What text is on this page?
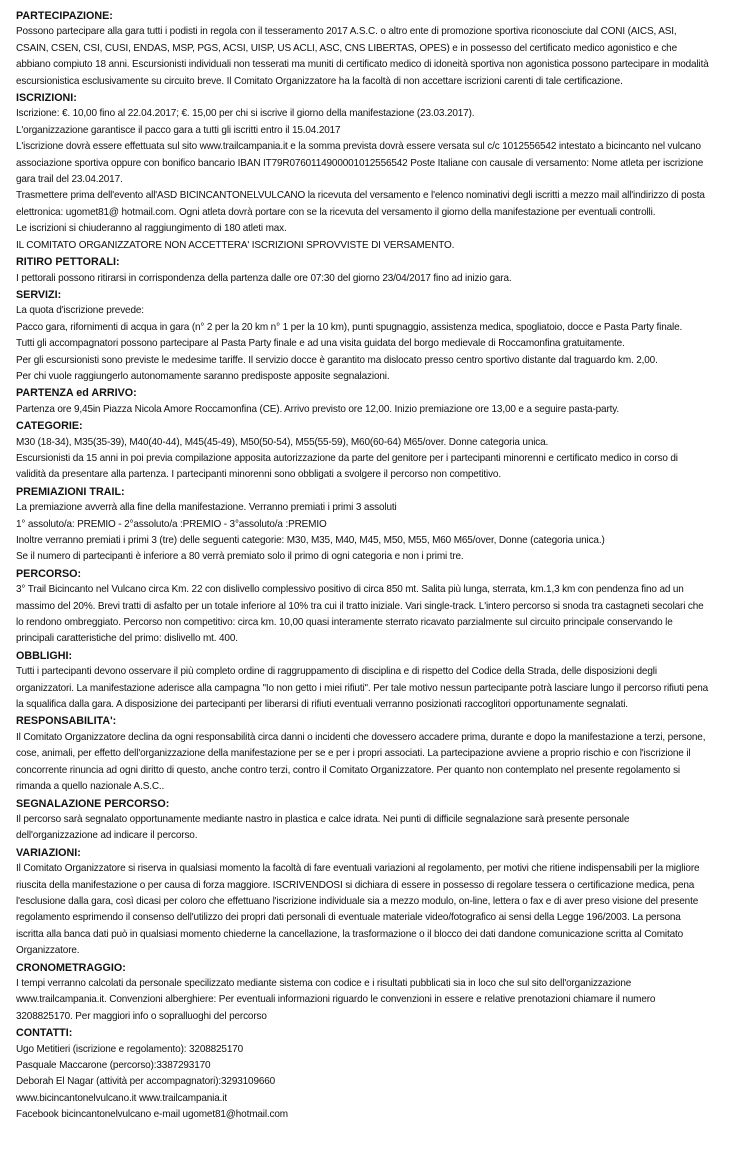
PARTECIPAZIONE:
Possono partecipare alla gara tutti i podisti in regola con il tesseramento 2017 A.S.C. o altro ente di promozione sportiva riconosciute dal CONI (AICS, ASI, CSAIN, CSEN, CSI, CUSI, ENDAS, MSP, PGS, ACSI, UISP, US ACLI, ASC, CNS LIBERTAS, OPES) e in possesso del certificato medico agonistico e che abbiano compiuto 18 anni. Escursionisti individuali non tesserati ma muniti di certificato medico di idoneità sportiva non agonistica possono partecipare in modalità escursionistica esclusivamente su circuito breve. Il Comitato Organizzatore ha la facoltà di non accettare iscrizioni carenti di tale certificazione.
ISCRIZIONI:
Iscrizione: €. 10,00 fino al 22.04.2017; €. 15,00 per chi si iscrive il giorno della manifestazione (23.03.2017).
L'organizzazione garantisce il pacco gara a tutti gli iscritti entro il 15.04.2017
L'iscrizione dovrà essere effettuata sul sito www.trailcampania.it e la somma prevista dovrà essere versata sul c/c 1012556542 intestato a bicincanto nel vulcano associazione sportiva oppure con bonifico bancario IBAN IT79R0760114900001012556542 Poste Italiane con causale di versamento: Nome atleta per iscrizione gara trail del 23.04.2017.
Trasmettere prima dell'evento all'ASD BICINCANTONELVULCANO la ricevuta del versamento e l'elenco nominativi degli iscritti a mezzo mail all'indirizzo di posta elettronica: ugomet81@ hotmail.com. Ogni atleta dovrà portare con se la ricevuta del versamento il giorno della manifestazione per eventuali controlli.
Le iscrizioni si chiuderanno al raggiungimento di 180 atleti max.
IL COMITATO ORGANIZZATORE NON ACCETTERA' ISCRIZIONI SPROVVISTE DI VERSAMENTO.
RITIRO PETTORALI:
I pettorali possono ritirarsi in corrispondenza della partenza dalle ore 07:30 del giorno 23/04/2017 fino ad inizio gara.
SERVIZI:
La quota d'iscrizione prevede:
Pacco gara, rifornimenti di acqua in gara (n° 2 per la 20 km n° 1 per la 10 km), punti spugnaggio, assistenza medica, spogliatoio, docce e Pasta Party finale.
Tutti gli accompagnatori possono partecipare al Pasta Party finale e ad una visita guidata del borgo medievale di Roccamonfina gratuitamente.
Per gli escursionisti sono previste le medesime tariffe. Il servizio docce è garantito ma dislocato presso centro sportivo distante dal traguardo km. 2,00.
Per chi vuole raggiungerlo autonomamente saranno predisposte apposite segnalazioni.
PARTENZA ed ARRIVO:
Partenza ore 9,45in Piazza Nicola Amore Roccamonfina (CE). Arrivo previsto ore 12,00. Inizio premiazione ore 13,00 e a seguire pasta-party.
CATEGORIE:
M30 (18-34), M35(35-39), M40(40-44), M45(45-49), M50(50-54), M55(55-59), M60(60-64) M65/over. Donne categoria unica.
Escursionisti da 15 anni in poi previa compilazione apposita autorizzazione da parte del genitore per i partecipanti minorenni e certificato medico in corso di validità da presentare alla partenza. I partecipanti minorenni sono obbligati a svolgere il percorso non competitivo.
PREMIAZIONI TRAIL:
La premiazione avverrà alla fine della manifestazione. Verranno premiati i primi 3 assoluti
1° assoluto/a: PREMIO - 2°assoluto/a :PREMIO - 3°assoluto/a :PREMIO
Inoltre verranno premiati i primi 3 (tre) delle seguenti categorie: M30, M35, M40, M45, M50, M55, M60 M65/over, Donne (categoria unica.)
Se il numero di partecipanti è inferiore a 80 verrà premiato solo il primo di ogni categoria e non i primi tre.
PERCORSO:
3° Trail Bicincanto nel Vulcano circa Km. 22 con dislivello complessivo positivo di circa 850 mt. Salita più lunga, sterrata, km.1,3 km con pendenza fino ad un massimo del 20%. Brevi tratti di asfalto per un totale inferiore al 10% tra cui il tratto iniziale. Vari single-track. L'intero percorso si snoda tra castagneti secolari che lo rendono ombreggiato. Percorso non competitivo: circa km. 10,00 quasi interamente sterrato ricavato parzialmente sul circuito principale conservando le principali caratteristiche del primo: dislivello mt. 400.
OBBLIGHI:
Tutti i partecipanti devono osservare il più completo ordine di raggruppamento di disciplina e di rispetto del Codice della Strada, delle disposizioni degli organizzatori. La manifestazione aderisce alla campagna "Io non getto i miei rifiuti". Per tale motivo nessun partecipante potrà lasciare lungo il percorso rifiuti pena la squalifica dalla gara. A disposizione dei partecipanti per liberarsi di rifiuti eventuali verranno posizionati raccoglitori opportunamente segnalati.
RESPONSABILITA':
Il Comitato Organizzatore declina da ogni responsabilità circa danni o incidenti che dovessero accadere prima, durante e dopo la manifestazione a terzi, persone, cose, animali, per effetto dell'organizzazione della manifestazione per se e per i propri associati. La partecipazione avviene a proprio rischio e con l'iscrizione il concorrente rinuncia ad ogni diritto di questo, anche contro terzi, contro il Comitato Organizzatore. Per quanto non contemplato nel presente regolamento si rimanda a quello nazionale A.S.C..
SEGNALAZIONE PERCORSO:
Il percorso sarà segnalato opportunamente mediante nastro in plastica e calce idrata. Nei punti di difficile segnalazione sarà presente personale dell'organizzazione ad indicare il percorso.
VARIAZIONI:
Il Comitato Organizzatore si riserva in qualsiasi momento la facoltà di fare eventuali variazioni al regolamento, per motivi che ritiene indispensabili per la migliore riuscita della manifestazione o per causa di forza maggiore. ISCRIVENDOSI si dichiara di essere in possesso di regolare tessera o certificazione medica, pena l'esclusione dalla gara, così dicasi per coloro che effettuano l'iscrizione individuale sia a mezzo modulo, on-line, lettera o fax e di aver preso visione del presente regolamento esprimendo il consenso dell'utilizzo dei propri dati personali di eventuale materiale video/fotografico ai sensi della Legge 196/2003. La persona iscritta alla banca dati può in qualsiasi momento chiederne la cancellazione, la trasformazione o il blocco dei dati dandone comunicazione scritta al Comitato Organizzatore.
CRONOMETRAGGIO:
I tempi verranno calcolati da personale specilizzato mediante sistema con codice e i risultati pubblicati sia in loco che sul sito dell'organizzazione www.trailcampania.it. Convenzioni alberghiere: Per eventuali informazioni riguardo le convenzioni in essere e relative prenotazioni chiamare il numero 3208825170. Per maggiori info o sopralluoghi del percorso
CONTATTI:
Ugo Metitieri (iscrizione e regolamento): 3208825170
Pasquale Maccarone (percorso):3387293170
Deborah El Nagar (attività per accompagnatori):3293109660
www.bicincantonelvulcano.it www.trailcampania.it
Facebook bicincantonelvulcano e-mail ugomet81@hotmail.com
